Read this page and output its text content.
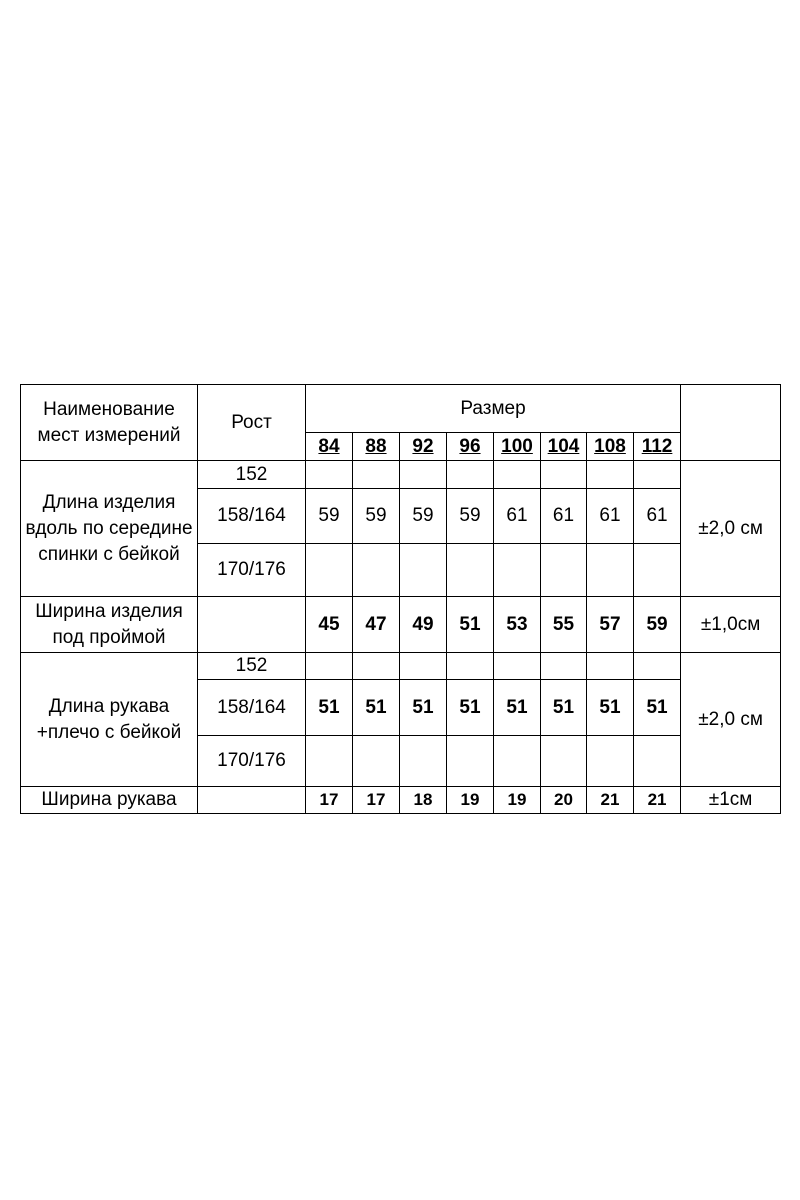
Наименование мест измерений	Рост	Размер								
		84	88	92	96	100	104	108	112	
Длина изделия вдоль по середине спинки с бейкой	152									±2,0 см
	158/164	59	59	59	59	61	61	61	61	
	170/176									
Ширина изделия под проймой		45	47	49	51	53	55	57	59	±1,0см
Длина рукава +плечо с бейкой	152									±2,0 см
	158/164	51	51	51	51	51	51	51	51	
	170/176									
Ширина рукава		17	17	18	19	19	20	21	21	±1см
